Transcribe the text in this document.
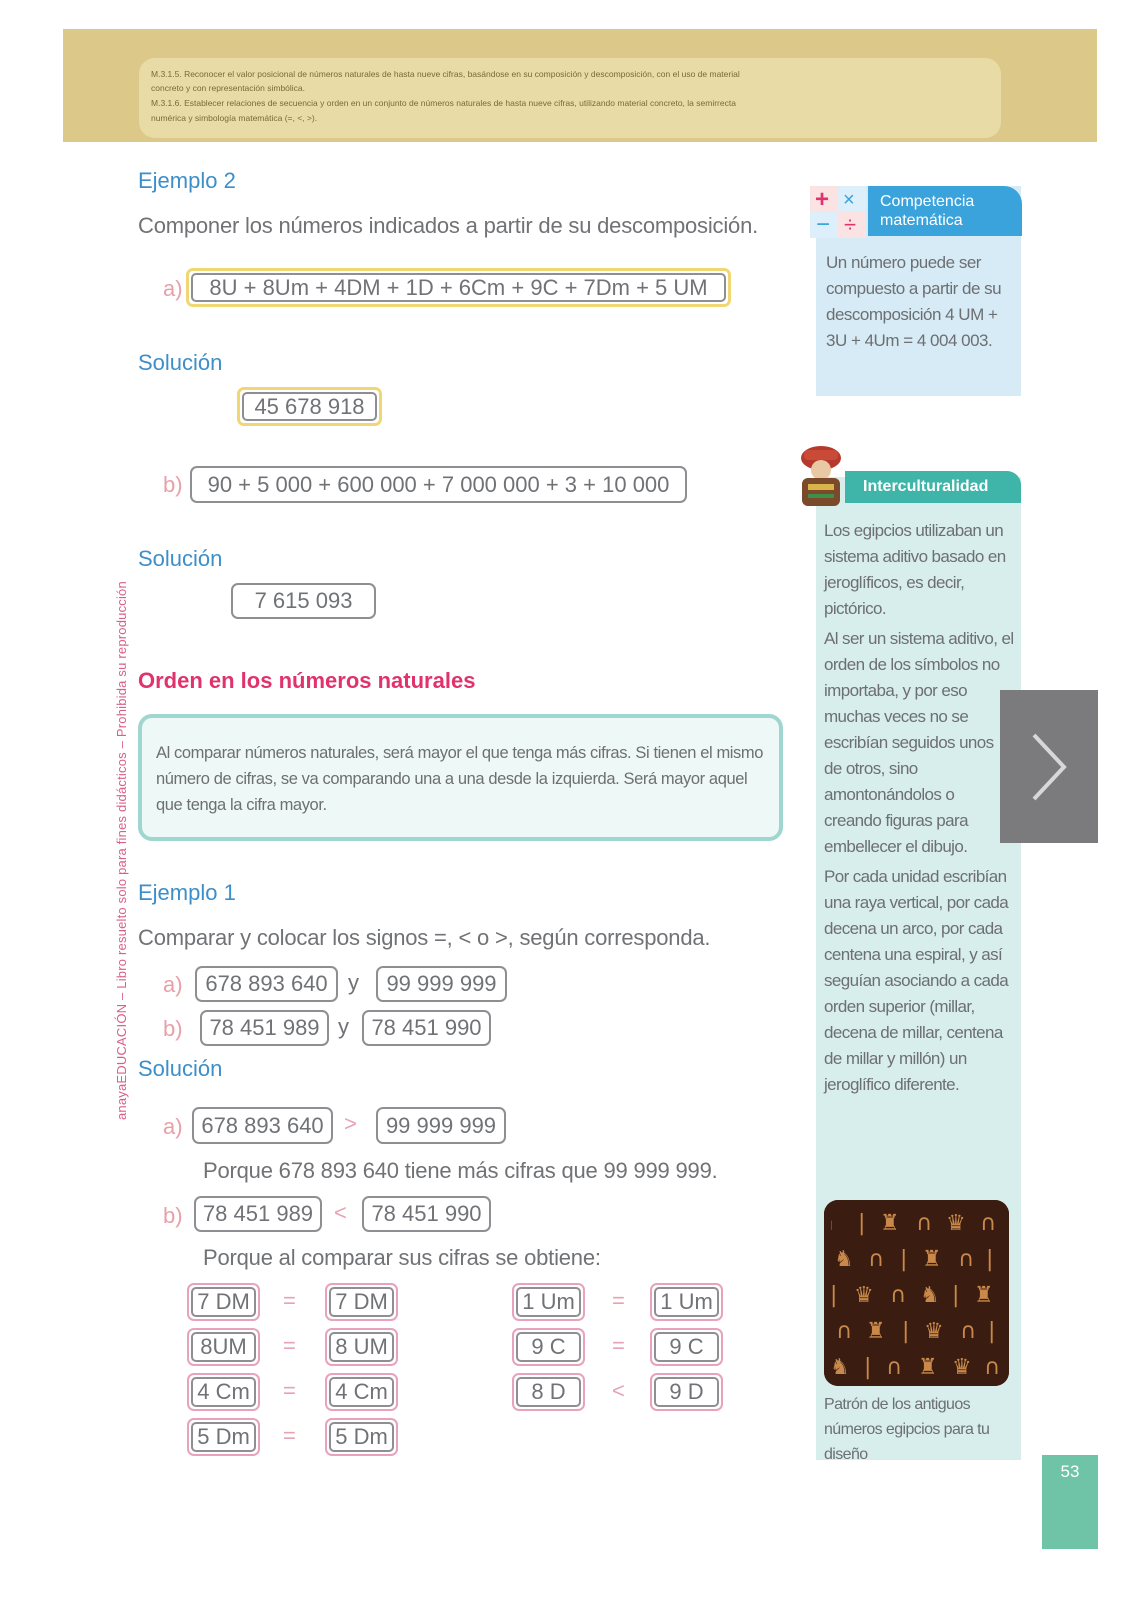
M.3.1.5. Reconocer el valor posicional de números naturales de hasta nueve cifras, basándose en su composición y descomposición, con el uso de material
concreto y con representación simbólica.
M.3.1.6. Establecer relaciones de secuencia y orden en un conjunto de números naturales de hasta nueve cifras, utilizando material concreto, la semirrecta
numérica y simbología matemática (=, <, >).
anayaEDUCACIÓN – Libro resuelto solo para fines didácticos – Prohibida su reproducción
Ejemplo 2
Componer los números indicados a partir de su descomposición.
a)	8U + 8Um + 4DM + 1D + 6Cm + 9C + 7Dm + 5 UM
Solución
45 678 918
b)	90 + 5 000 + 600 000 + 7 000 000 + 3 + 10 000
Solución
7 615 093
Orden en los números naturales

Al comparar números naturales, será mayor el que tenga más cifras. Si tienen el mismo número de cifras, se va comparando una a una desde la izquierda. Será mayor aquel que tenga la cifra mayor.

Ejemplo 1
Comparar y colocar los signos =, < o >, según corresponda.
a)	678 893 640 y	99 999 999
b)	78 451 989 y	78 451 990
Solución
a) 678 893 640 >	99 999 999
Porque 678 893 640 tiene más cifras que 99 999 999.
b) 78 451 989 <	78 451 990
Porque al comparar sus cifras se obtiene:
7 DM = 7 DM
8UM	= 8 UM
4 Cm = 4 Cm
5 Dm = 5 Dm
1 Um = 1 Um
9 C	=	9 C
8 D	<	9 D
+ ×
− ÷
Competencia
matemática
Un número puede ser compuesto a partir de su descomposición 4 UM + 3U + 4Um = 4 004 003.
Interculturalidad

Los egipcios utilizaban un sistema aditivo basado en jeroglíficos, es decir, pictórico.

Al ser un sistema aditivo, el orden de los símbolos no importaba, y por eso muchas veces no se escribían seguidos unos de otros, sino amontonándolos o creando figuras para embellecer el dibujo.

Por cada unidad escribían una raya vertical, por cada decena un arco, por cada centena una espiral, y así seguían asociando a cada orden superior (millar, decena de millar, centena de millar y millón) un jeroglífico diferente.

𓏺 | ♜ ∩ ♛ ∩
♞ ∩ | ♜ ∩ |
| ♛ ∩ ♞ | ♜
∩ ♜ | ♛ ∩ |
♞ | ∩ ♜ ♛ ∩
Patrón de los antiguos números egipcios para tu diseño
53
